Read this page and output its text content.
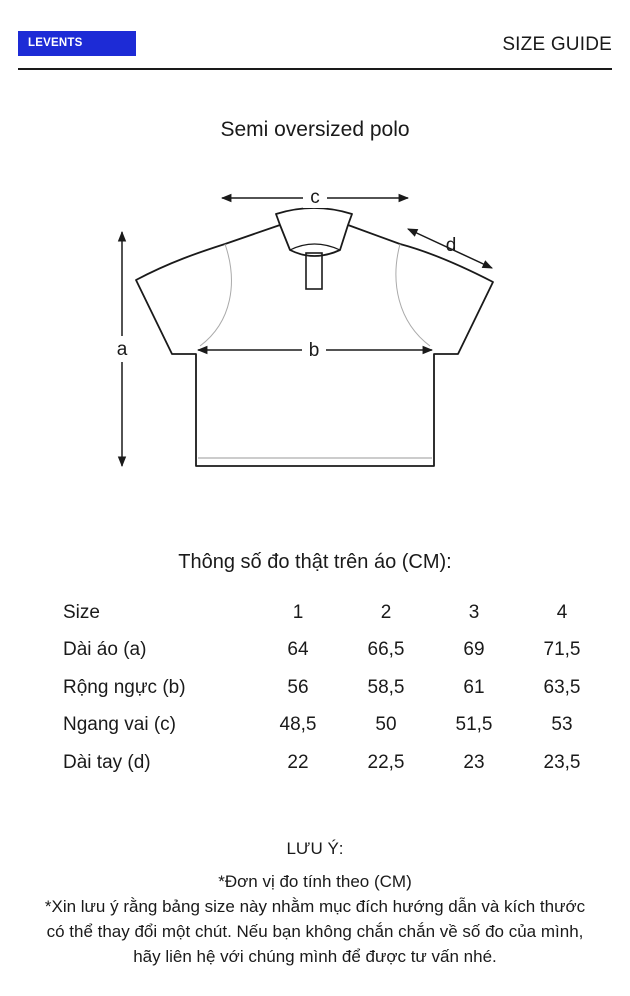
LEVENTS	SIZE GUIDE
Semi oversized polo
a	b
c
d
Thông số đo thật trên áo (CM):
Size	1	2	3	4
Dài áo (a)	64	66,5	69	71,5
Rộng ngực (b)	56	58,5	61	63,5
Ngang vai (c)	48,5	50	51,5	53
Dài tay (d)	22	22,5	23	23,5
LƯU Ý:
*Đơn vị đo tính theo (CM)
*Xin lưu ý rằng bảng size này nhằm mục đích hướng dẫn và kích thước có thể thay đổi một chút. Nếu bạn không chắn chắn về số đo của mình, hãy liên hệ với chúng mình để được tư vấn nhé.
